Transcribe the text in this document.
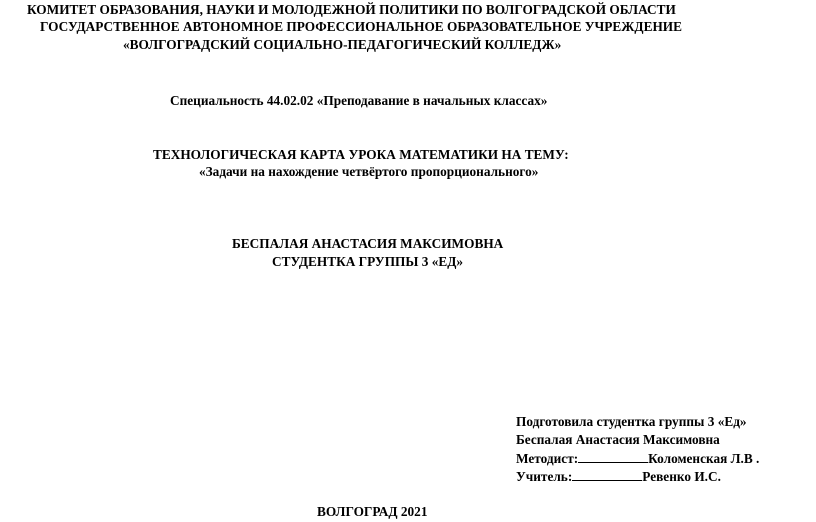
КОМИТЕТ ОБРАЗОВАНИЯ, НАУКИ И МОЛОДЕЖНОЙ ПОЛИТИКИ ПО ВОЛГОГРАДСКОЙ ОБЛАСТИ
ГОСУДАРСТВЕННОЕ АВТОНОМНОЕ ПРОФЕССИОНАЛЬНОЕ ОБРАЗОВАТЕЛЬНОЕ УЧРЕЖДЕНИЕ
«ВОЛГОГРАДСКИЙ СОЦИАЛЬНО-ПЕДАГОГИЧЕСКИЙ КОЛЛЕДЖ»
Специальность 44.02.02 «Преподавание в начальных классах»
ТЕХНОЛОГИЧЕСКАЯ КАРТА УРОКА МАТЕМАТИКИ НА ТЕМУ:
«Задачи на нахождение четвёртого пропорционального»
БЕСПАЛАЯ АНАСТАСИЯ МАКСИМОВНА
СТУДЕНТКА ГРУППЫ 3 «ЕД»
Подготовила студентка группы 3 «Ед»
Беспалая Анастасия Максимовна
Методист:	Коломенская Л.В .
Учитель:	Ревенко И.С.
ВОЛГОГРАД 2021
